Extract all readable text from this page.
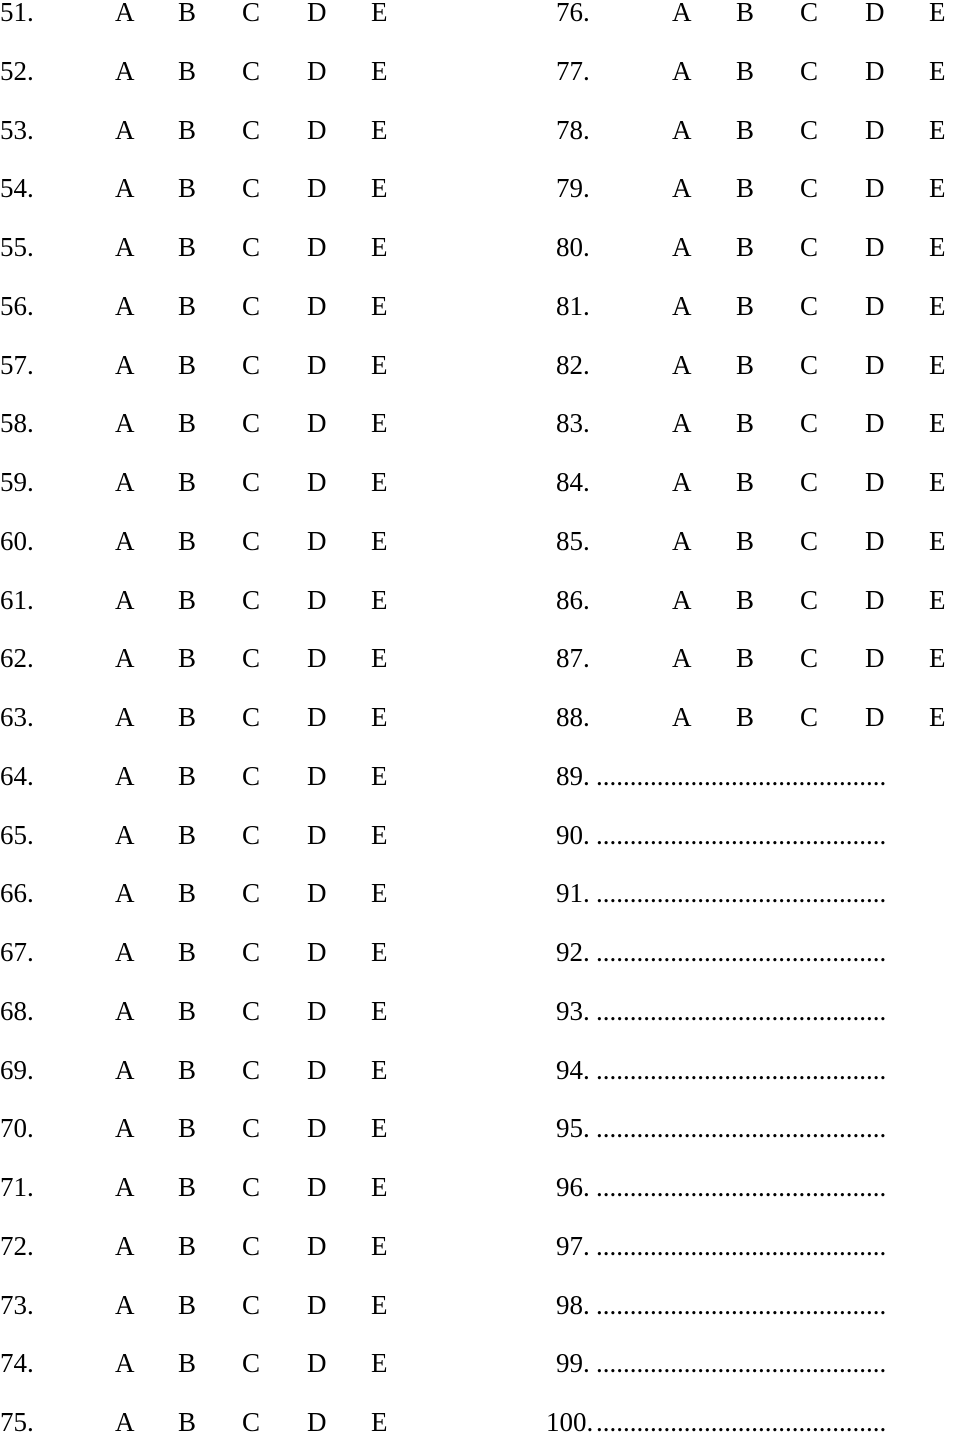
51.	A B C D E
52.	A B C D E
53.	A B C D E
54.	A B C D E
55.	A B C D E
56.	A B C D E
57.	A B C D E
58.	A B C D E
59.	A B C D E
60.	A B C D E
61.	A B C D E
62.	A B C D E
63.	A B C D E
64.	A B C D E
65.	A B C D E
66.	A B C D E
67.	A B C D E
68.	A B C D E
69.	A B C D E
70.	A B C D E
71.	A B C D E
72.	A B C D E
73.	A B C D E
74.	A B C D E
75.	A B C D E
76.	A B C D E
77.	A B C D E
78.	A B C D E
79.	A B C D E
80.	A B C D E
81.	A B C D E
82.	A B C D E
83.	A B C D E
84.	A B C D E
85.	A B C D E
86.	A B C D E
87.	A B C D E
88.	A B C D E
89. ...........................................
90. ...........................................
91. ...........................................
92. ...........................................
93. ...........................................
94. ...........................................
95. ...........................................
96. ...........................................
97. ...........................................
98. ...........................................
99. ...........................................
100. ...........................................
